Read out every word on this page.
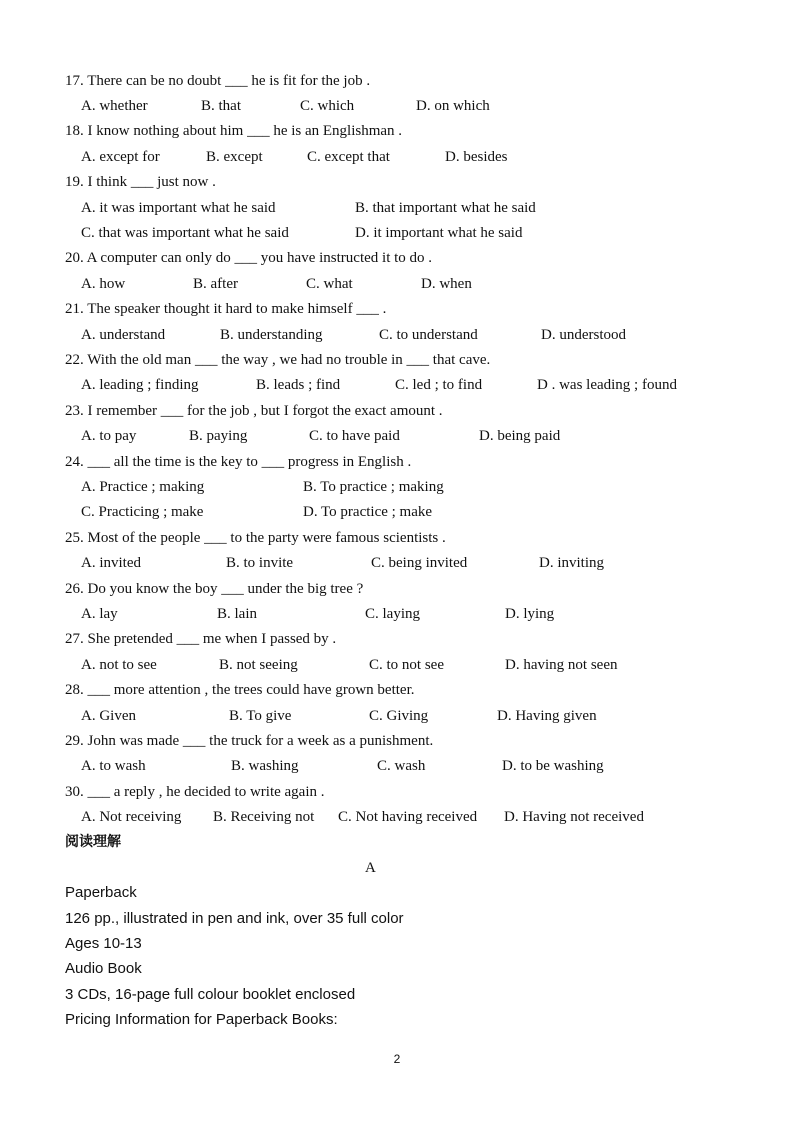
17. There can be no doubt ___ he is fit for the job .
A. whether	B. that	C. which	D. on which
18. I know nothing about him ___ he is an Englishman .
A. except for	B. except	C. except that	D. besides
19. I think ___ just now .
A. it was important what he said	B. that important what he said
C. that was important what he said	D. it important what he said
20. A computer can only do ___ you have instructed it to do .
A. how	B. after	C. what	D. when
21. The speaker thought it hard to make himself ___ .
A. understand	B. understanding	C. to understand	D. understood
22. With the old man ___ the way , we had no trouble in ___ that cave.
A. leading ; finding	B. leads ; find	C. led ; to find	D . was leading ; found
23. I remember ___ for the job , but I forgot the exact amount .
A. to pay	B. paying	C. to have paid	D. being paid
24. ___ all the time is the key to ___ progress in English .
A. Practice ; making	B. To practice ; making
C. Practicing ; make	D. To practice ; make
25. Most of the people ___ to the party were famous scientists .
A. invited	B. to invite	C. being invited	D. inviting
26. Do you know the boy ___ under the big tree ?
A. lay	B. lain	C. laying	D. lying
27. She pretended ___ me when I passed by .
A. not to see	B. not seeing	C. to not see	D. having not seen
28. ___ more attention , the trees could have grown better.
A. Given	B. To give	C. Giving	D. Having given
29. John was made ___ the truck for a week as a punishment.
A. to wash	B. washing	C. wash	D. to be washing
30. ___ a reply , he decided to write again .
A. Not receiving B. Receiving not C. Not having received D. Having not received
阅读理解
A
Paperback
126 pp., illustrated in pen and ink, over 35 full color
Ages 10-13
Audio Book
3 CDs, 16-page full colour booklet enclosed
Pricing Information for Paperback Books:
2
